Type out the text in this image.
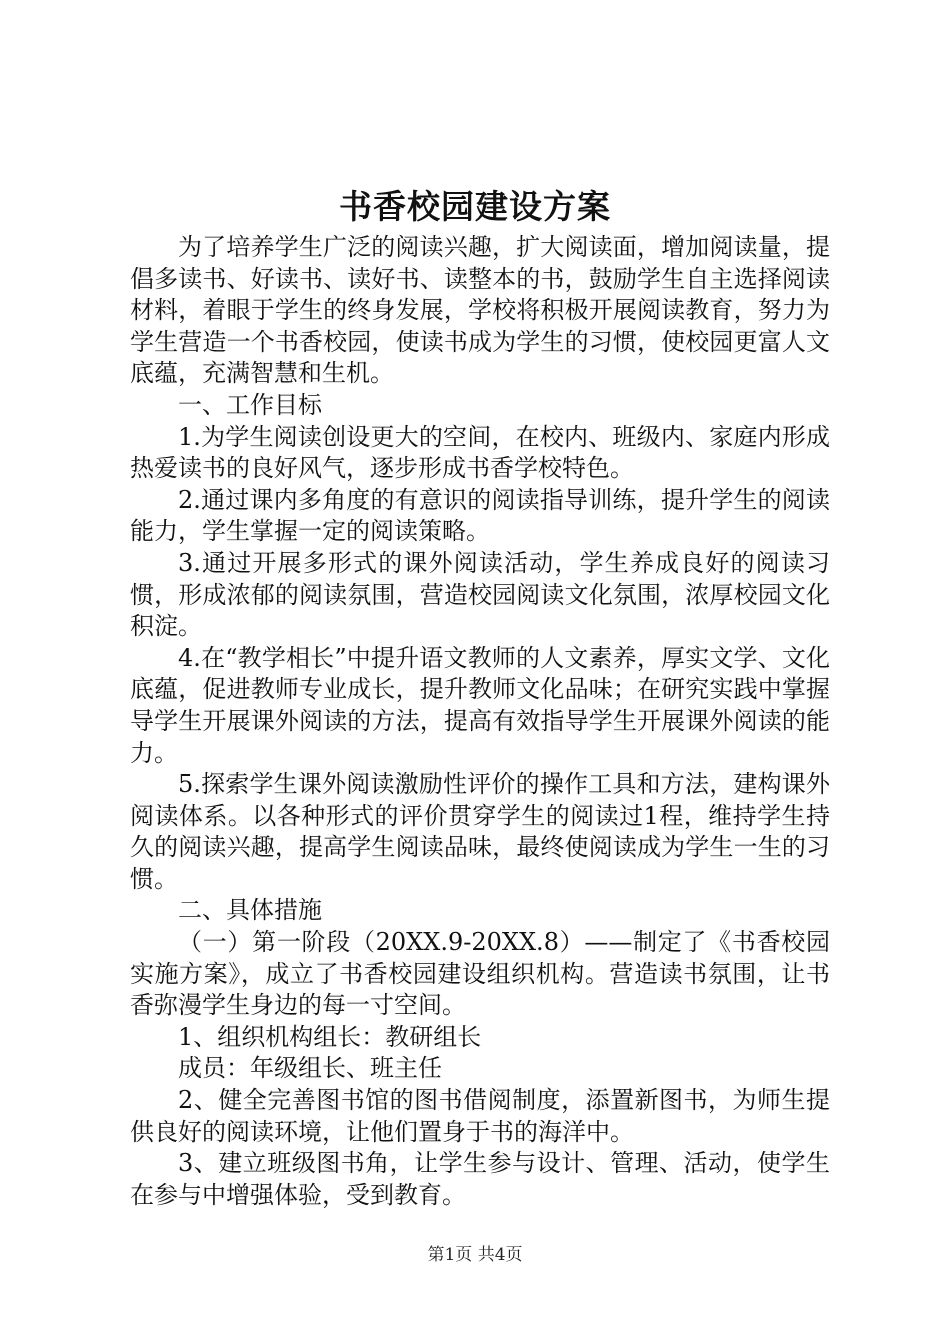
书香校园建设方案

为了培养学生广泛的阅读兴趣，扩大阅读面，增加阅读量，提倡多读书、好读书、读好书、读整本的书，鼓励学生自主选择阅读材料，着眼于学生的终身发展，学校将积极开展阅读教育，努力为学生营造一个书香校园，使读书成为学生的习惯，使校园更富人文底蕴，充满智慧和生机。

一、工作目标

1.为学生阅读创设更大的空间，在校内、班级内、家庭内形成热爱读书的良好风气，逐步形成书香学校特色。

2.通过课内多角度的有意识的阅读指导训练，提升学生的阅读能力，学生掌握一定的阅读策略。

3.通过开展多形式的课外阅读活动，学生养成良好的阅读习惯，形成浓郁的阅读氛围，营造校园阅读文化氛围，浓厚校园文化积淀。

4.在“教学相长”中提升语文教师的人文素养，厚实文学、文化底蕴，促进教师专业成长，提升教师文化品味；在研究实践中掌握导学生开展课外阅读的方法，提高有效指导学生开展课外阅读的能力。

5.探索学生课外阅读激励性评价的操作工具和方法，建构课外阅读体系。以各种形式的评价贯穿学生的阅读过1程，维持学生持久的阅读兴趣，提高学生阅读品味，最终使阅读成为学生一生的习惯。

二、具体措施

（一）第一阶段（20XX.9-20XX.8）——制定了《书香校园实施方案》，成立了书香校园建设组织机构。营造读书氛围，让书香弥漫学生身边的每一寸空间。

1、组织机构组长：教研组长

成员：年级组长、班主任

2、健全完善图书馆的图书借阅制度，添置新图书，为师生提供良好的阅读环境，让他们置身于书的海洋中。

3、建立班级图书角，让学生参与设计、管理、活动，使学生在参与中增强体验，受到教育。

第1页 共4页
